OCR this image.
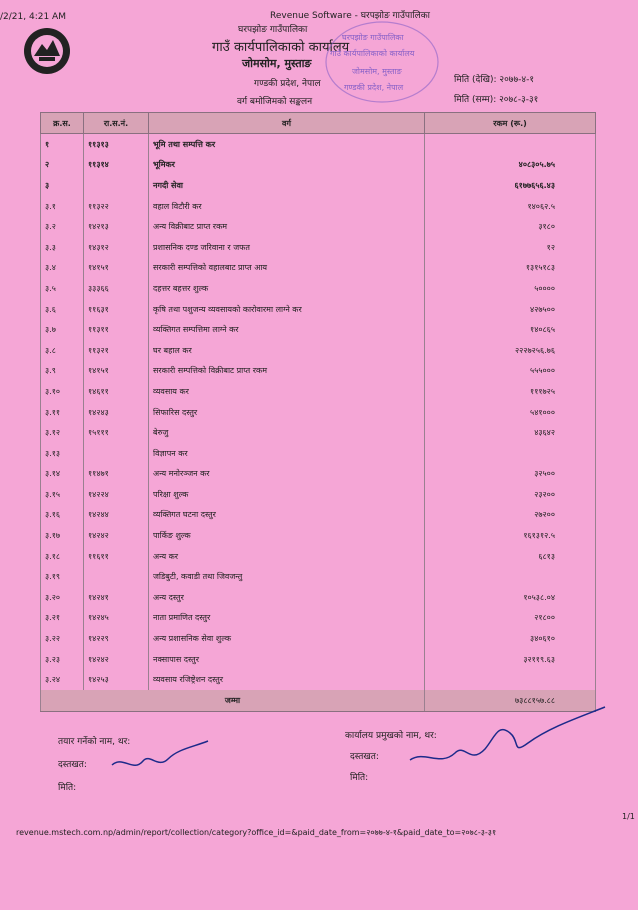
/2/21, 4:21 AM	Revenue Software - घरपझोङ गाउँपालिका
घरपझोङ गाउँपालिका
गाउँ कार्यपालिकाको कार्यालय
जोमसोम, मुस्ताङ
गण्डकी प्रदेश, नेपाल
वर्ग बमोजिमको सङ्कलन
मिति (देखि): २०७७-४-१
मिति (सम्म): २०७८-३-३१
घरपझोङ गाउँपालिका
गाउँ कार्यपालिकाको कार्यालय
जोमसोम, मुस्ताङ
गण्डकी प्रदेश, नेपाल
क्र.स.	रा.स.नं.	वर्ग	रकम (रू.)
१	११३१३	भूमि तथा सम्पत्ति कर	
२	११३१४	भूमिकर	४०८३०५.७५
३		नगदी सेवा	६१७७६५६.४३
३.१	११३२२	वहाल विटौरी कर	१४०६२.५
३.२	१४२१३	अन्य विक्रीबाट प्राप्त रकम	३१८०
३.३	१४३१२	प्रशासनिक दण्ड जरिवाना र जफत	१२
३.४	१४१५१	सरकारी सम्पत्तिको वहालबाट प्राप्त आय	१३१५१८३
३.५	३३३६६	दहत्तर बहत्तर शुल्क	५००००
३.६	११६३१	कृषि तथा पशुजन्य व्यवसायको कारोवारमा लाग्ने कर	४२७५००
३.७	११३११	व्यक्तिगत सम्पत्तिमा लाग्ने कर	१४०८६५
३.८	११३२१	घर बहाल कर	२२२७२५६.७६
३.९	१४१५१	सरकारी सम्पत्तिको विक्रीबाट प्राप्त रकम	५५५०००
३.१०	१४६११	व्यवसाय कर	१११७२५
३.११	१४२४३	सिफारिस दस्तुर	५४१०००
३.१२	१५१११	बेरुजु	४३६४२
३.१३		विज्ञापन कर	
३.१४	११४७१	अन्य मनोरञ्जन कर	३२५००
३.१५	१४२२४	परिक्षा शुल्क	२३२००
३.१६	१४२४४	व्यक्तिगत घटना दस्तुर	२७२००
३.१७	१४२४२	पार्किङ शुल्क	१६१३१२.५
३.१८	११६११	अन्य कर	६८१३
३.१९		जडिबुटी, कवाडी तथा जिवजन्तु	
३.२०	१४२४१	अन्य दस्तुर	१०५३८.०४
३.२१	१४२४५	नाता प्रमाणित दस्तुर	२१८००
३.२२	१४२२९	अन्य प्रशासनिक सेवा शुल्क	३४०६१०
३.२३	१४२४२	नक्सापास दस्तुर	३२११९.६३
३.२४	१४२५३	व्यवसाय रजिष्ट्रेशन दस्तुर	
जम्मा			७३८८१५७.८८
तयार गर्नेको नाम, थर:
दस्तखत:
मिति:
कार्यालय प्रमुखको नाम, थर:
दस्तखत:
मिति:
revenue.mstech.com.np/admin/report/collection/category?office_id=&paid_date_from=२०७७-४-१&paid_date_to=२०७८-३-३१
1/1
